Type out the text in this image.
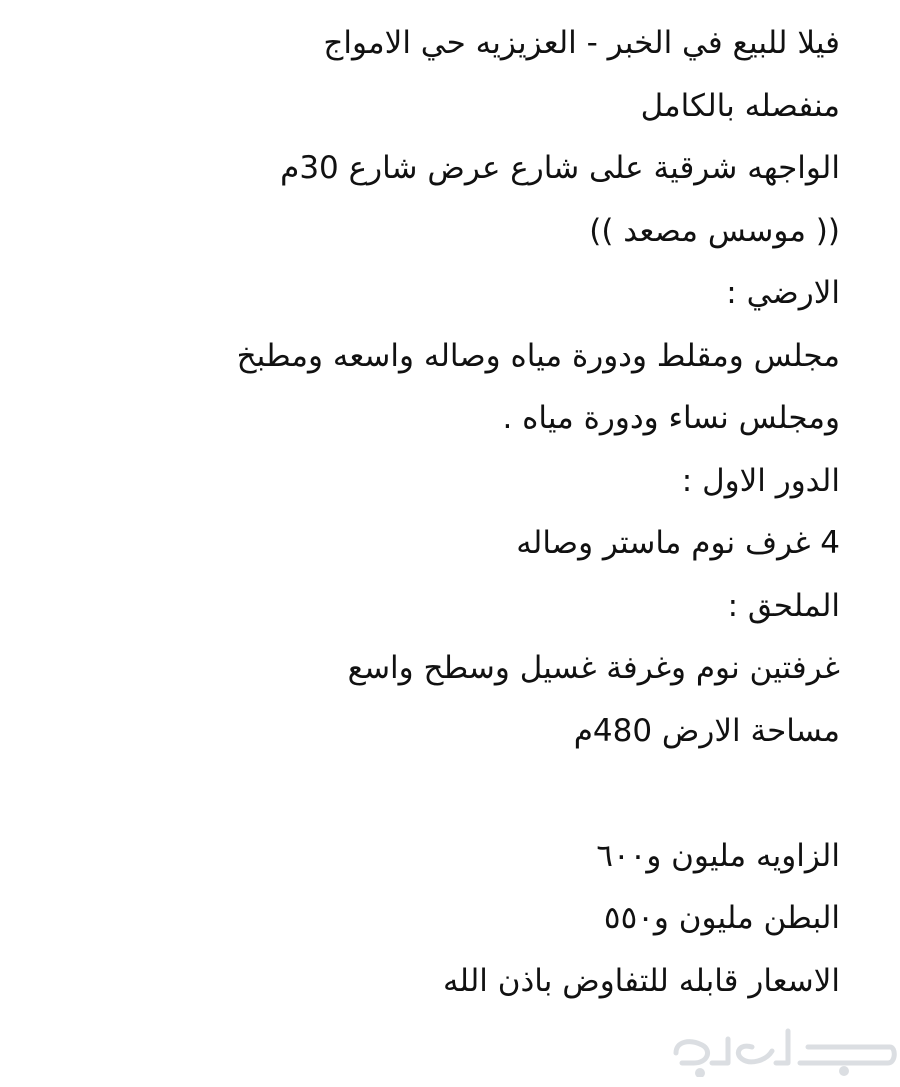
فيلا للبيع في الخبر - العزيزيه حي الامواج
منفصله بالكامل
الواجهه شرقية على شارع عرض شارع 30م
(( موسس مصعد ))
الارضي :
مجلس ومقلط ودورة مياه وصاله واسعه ومطبخ
ومجلس نساء ودورة مياه .
الدور الاول :
4 غرف نوم ماستر وصاله
الملحق :
غرفتين نوم وغرفة غسيل وسطح واسع
مساحة الارض 480م
الزاويه مليون و٦٠٠
البطن مليون و٥٥٠
الاسعار قابله للتفاوض باذن الله
